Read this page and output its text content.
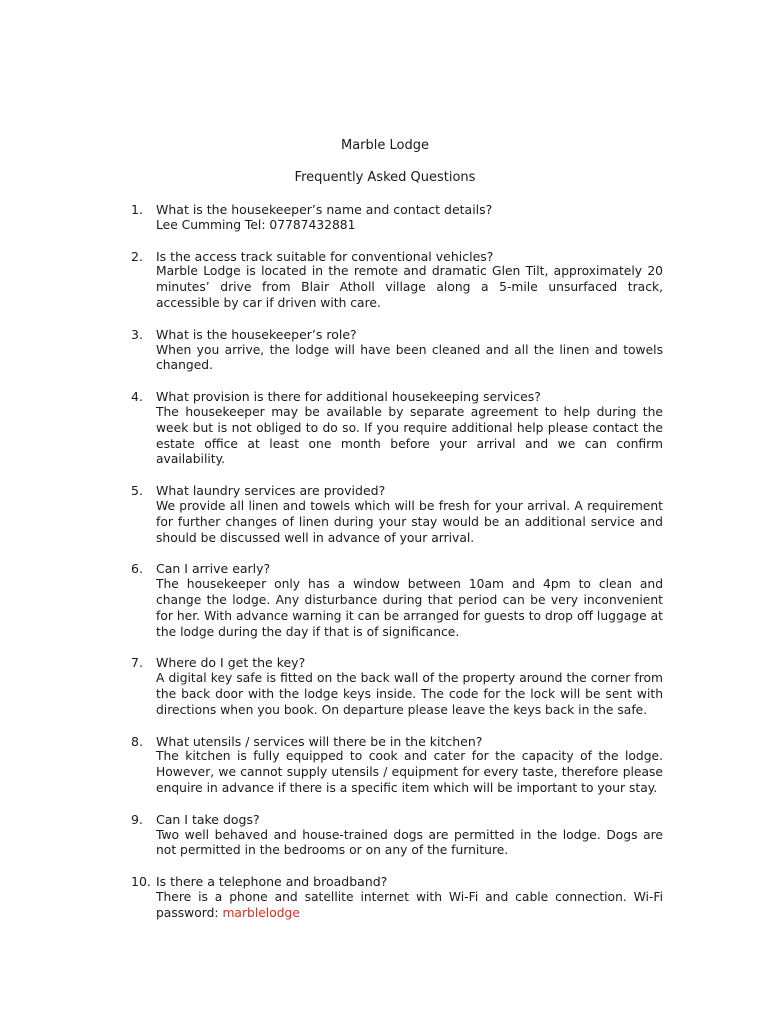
Marble Lodge
Frequently Asked Questions
1. What is the housekeeper’s name and contact details?
Lee Cumming Tel: 07787432881
2. Is the access track suitable for conventional vehicles?
Marble Lodge is located in the remote and dramatic Glen Tilt, approximately 20 minutes’ drive from Blair Atholl village along a 5-mile unsurfaced track, accessible by car if driven with care.
3. What is the housekeeper’s role?
When you arrive, the lodge will have been cleaned and all the linen and towels changed.
4. What provision is there for additional housekeeping services?
The housekeeper may be available by separate agreement to help during the week but is not obliged to do so. If you require additional help please contact the estate office at least one month before your arrival and we can confirm availability.
5. What laundry services are provided?
We provide all linen and towels which will be fresh for your arrival. A requirement for further changes of linen during your stay would be an additional service and should be discussed well in advance of your arrival.
6. Can I arrive early?
The housekeeper only has a window between 10am and 4pm to clean and change the lodge. Any disturbance during that period can be very inconvenient for her. With advance warning it can be arranged for guests to drop off luggage at the lodge during the day if that is of significance.
7. Where do I get the key?
A digital key safe is fitted on the back wall of the property around the corner from the back door with the lodge keys inside. The code for the lock will be sent with directions when you book. On departure please leave the keys back in the safe.
8. What utensils / services will there be in the kitchen?
The kitchen is fully equipped to cook and cater for the capacity of the lodge. However, we cannot supply utensils / equipment for every taste, therefore please enquire in advance if there is a specific item which will be important to your stay.
9. Can I take dogs?
Two well behaved and house-trained dogs are permitted in the lodge. Dogs are not permitted in the bedrooms or on any of the furniture.
10. Is there a telephone and broadband?
There is a phone and satellite internet with Wi-Fi and cable connection. Wi-Fi password: marblelodge
